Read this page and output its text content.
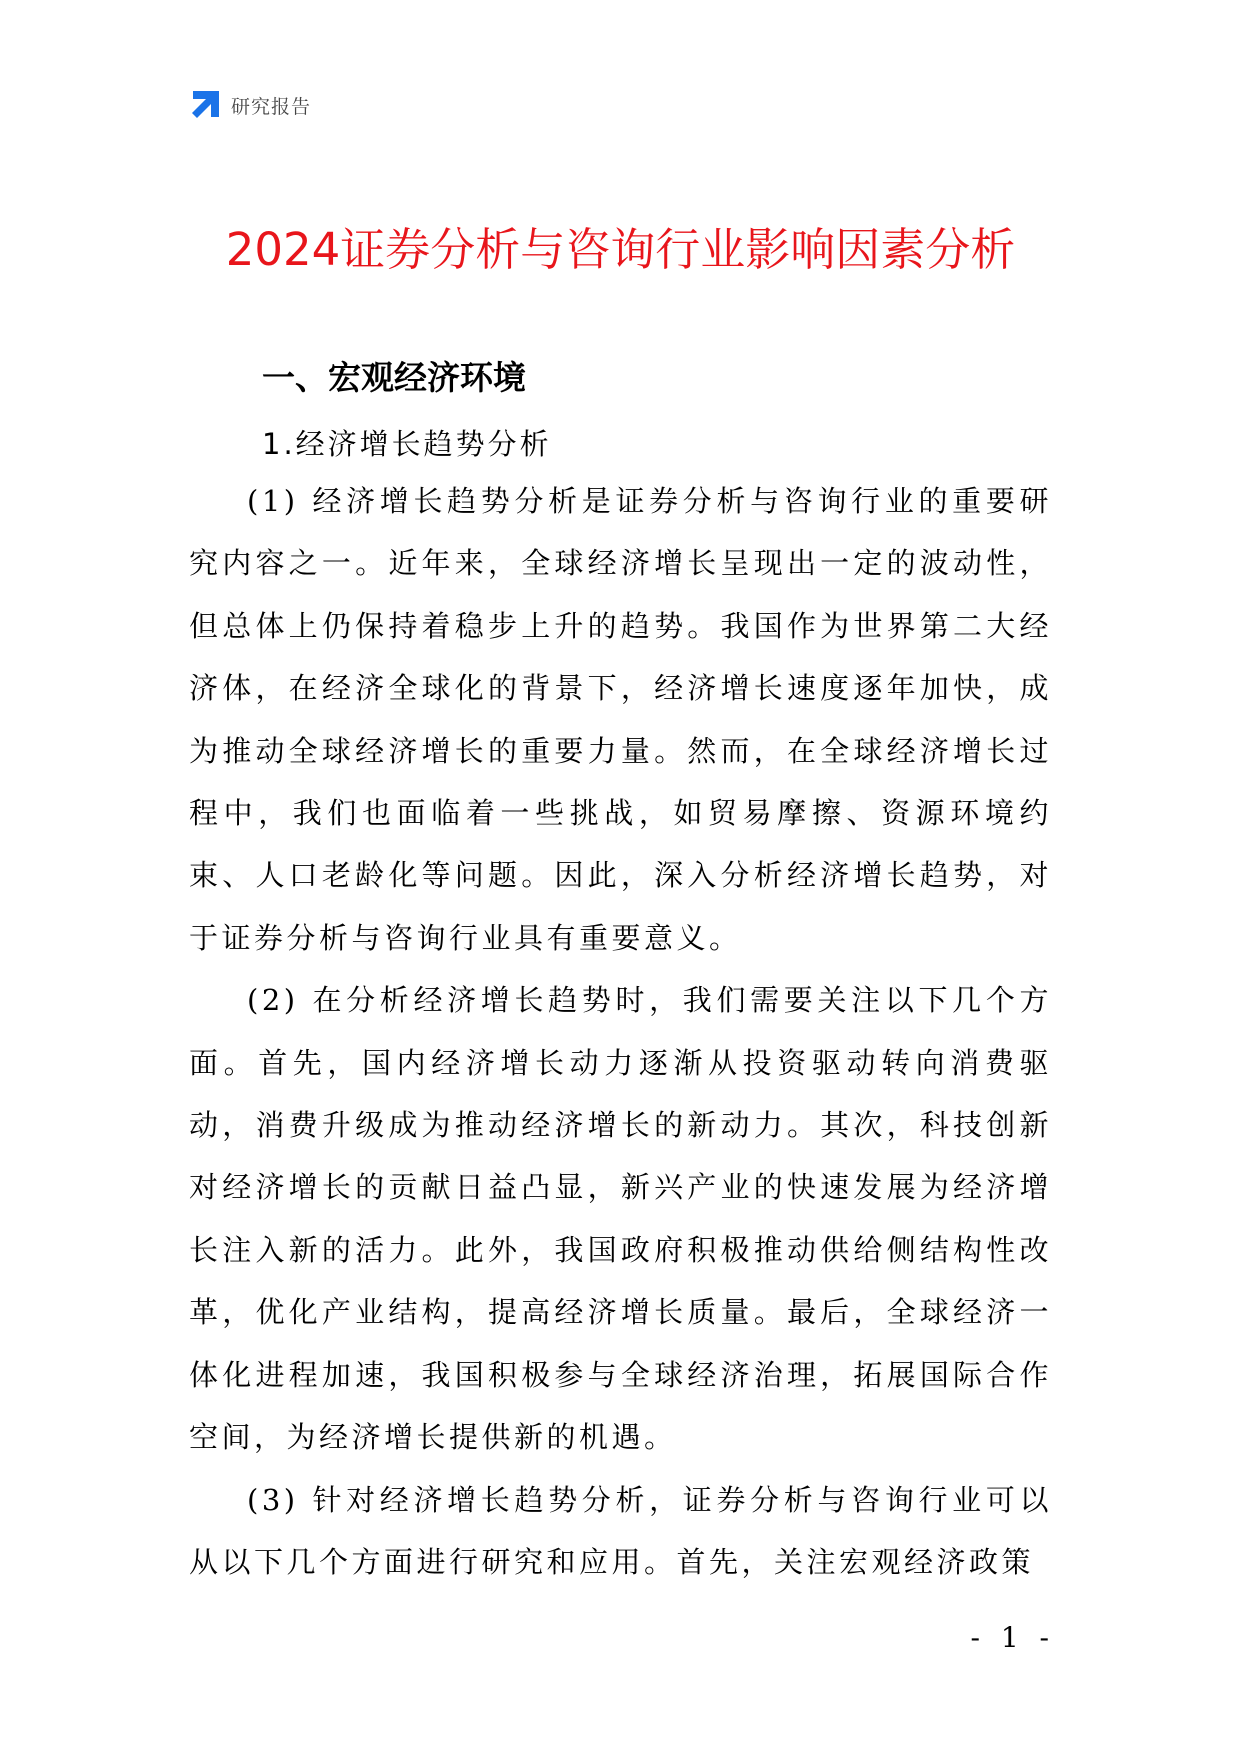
研究报告
2024证券分析与咨询行业影响因素分析
一、宏观经济环境
1.经济增长趋势分析

(1) 经济增长趋势分析是证券分析与咨询行业的重要研究内容之一。近年来，全球经济增长呈现出一定的波动性，但总体上仍保持着稳步上升的趋势。我国作为世界第二大经济体，在经济全球化的背景下，经济增长速度逐年加快，成为推动全球经济增长的重要力量。然而，在全球经济增长过程中，我们也面临着一些挑战，如贸易摩擦、资源环境约束、人口老龄化等问题。因此，深入分析经济增长趋势，对于证券分析与咨询行业具有重要意义。

(2) 在分析经济增长趋势时，我们需要关注以下几个方面。首先，国内经济增长动力逐渐从投资驱动转向消费驱动，消费升级成为推动经济增长的新动力。其次，科技创新对经济增长的贡献日益凸显，新兴产业的快速发展为经济增长注入新的活力。此外，我国政府积极推动供给侧结构性改革，优化产业结构，提高经济增长质量。最后，全球经济一体化进程加速，我国积极参与全球经济治理，拓展国际合作空间，为经济增长提供新的机遇。

(3) 针对经济增长趋势分析，证券分析与咨询行业可以从以下几个方面进行研究和应用。首先，关注宏观经济政策

- 1 -
